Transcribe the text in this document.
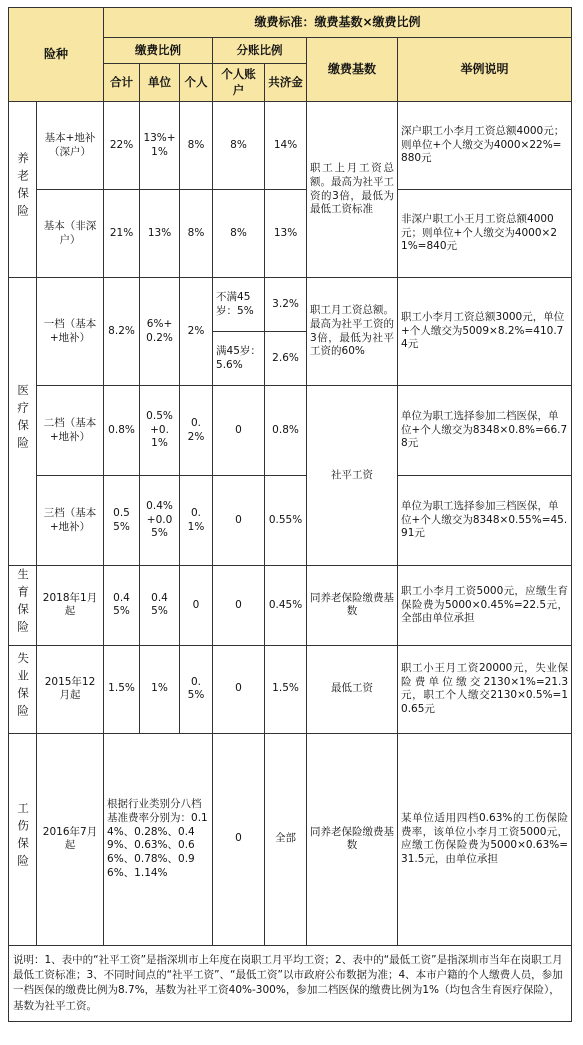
险种		缴费标准：缴费基数×缴费比例						
		缴费比例			分账比例		缴费基数	举例说明
		合计	单位	个人	个人账户	共济金		
养老保险	基本+地补（深户）	22%	13%+1%	8%	8%	14%	职工上月工资总额。最高为社平工资的3倍，最低为最低工资标准	深户职工小李月工资总额4000元；则单位+个人缴交为4000×22%=880元
	基本（非深户）	21%	13%	8%	8%	13%		非深户职工小王月工资总额4000元；则单位+个人缴交为4000×21%=840元
医疗保险	一档（基本+地补）	8.2%	6%+0.2%	2%	不满45岁：5%	3.2%	职工月工资总额。最高为社平工资的3倍，最低为社平工资的60%	职工小李月工资总额3000元，单位+个人缴交为5009×8.2%=410.74元
					满45岁：5.6%	2.6%		
	二档（基本+地补）	0.8%	0.5%+0.1%	0.2%	0	0.8%	社平工资	单位为职工选择参加二档医保，单位+个人缴交为8348×0.8%=66.78元
	三档（基本+地补）	0.55%	0.4%+0.05%	0.1%	0	0.55%		单位为职工选择参加三档医保，单位+个人缴交为8348×0.55%=45.91元
生育保险	2018年1月起	0.45%	0.45%	0	0	0.45%	同养老保险缴费基数	职工小李月工资5000元，应缴生育保险费为5000×0.45%=22.5元，全部由单位承担
失业保险	2015年12月起	1.5%	1%	0.5%	0	1.5%	最低工资	职工小王月工资20000元，失业保险费单位缴交2130×1%=21.3元，职工个人缴交2130×0.5%=10.65元
工伤保险	2016年7月起	根据行业类别分八档基准费率分别为：0.14%、0.28%、0.49%、0.63%、0.66%、0.78%、0.96%、1.14%			0	全部	同养老保险缴费基数	某单位适用四档0.63%的工伤保险费率，该单位小李月工资5000元，应缴工伤保险费为5000×0.63%=31.5元，由单位承担
说明：1、表中的“社平工资”是指深圳市上年度在岗职工月平均工资；2、表中的“最低工资”是指深圳市当年在岗职工月最低工资标准；3、不同时间点的“社平工资”、“最低工资”以市政府公布数据为准；4、本市户籍的个人缴费人员，参加一档医保的缴费比例为8.7%，基数为社平工资40%-300%，参加二档医保的缴费比例为1%（均包含生育医疗保险），基数为社平工资。								
